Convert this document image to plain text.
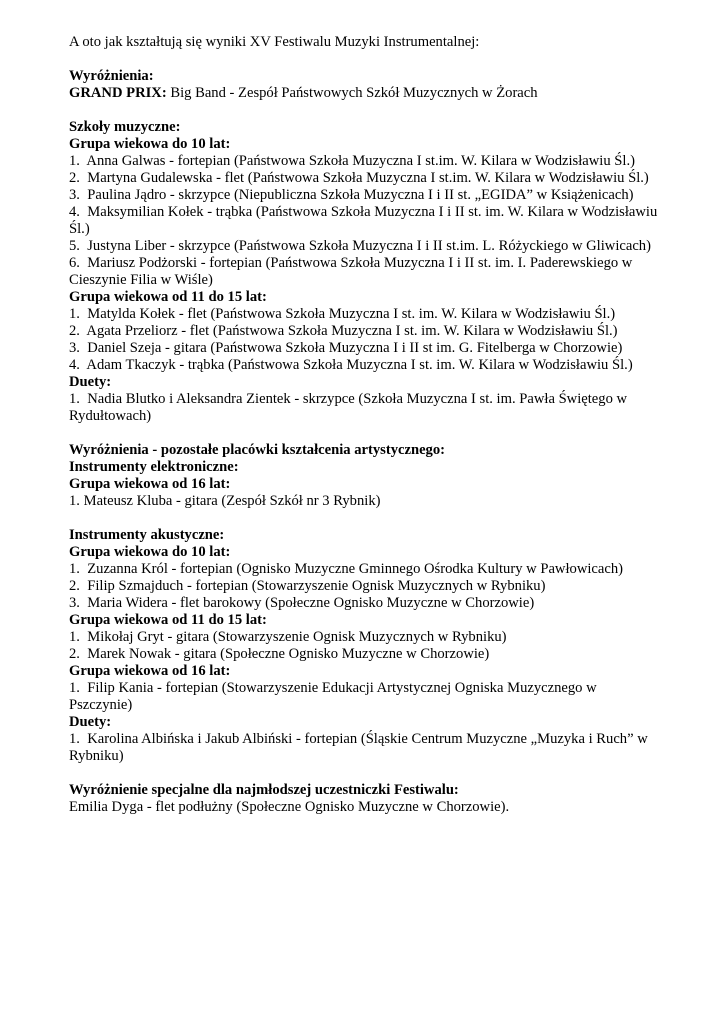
A oto jak kształtują się wyniki XV Festiwalu Muzyki Instrumentalnej:

Wyróżnienia:

GRAND PRIX: Big Band - Zespół Państwowych Szkół Muzycznych w Żorach

Szkoły muzyczne:

Grupa wiekowa do 10 lat:

1.  Anna Galwas - fortepian (Państwowa Szkoła Muzyczna I st.im. W. Kilara w Wodzisławiu Śl.)

2.  Martyna Gudalewska - flet (Państwowa Szkoła Muzyczna I st.im. W. Kilara w Wodzisławiu Śl.)

3.  Paulina Jądro - skrzypce (Niepubliczna Szkoła Muzyczna I i II st. „EGIDA” w Książenicach)

4.  Maksymilian Kołek - trąbka (Państwowa Szkoła Muzyczna I i II st. im. W. Kilara w Wodzisławiu Śl.)

5.  Justyna Liber - skrzypce (Państwowa Szkoła Muzyczna I i II st.im. L. Różyckiego w Gliwicach)

6.  Mariusz Podżorski - fortepian (Państwowa Szkoła Muzyczna I i II st. im. I. Paderewskiego w Cieszynie Filia w Wiśle)

Grupa wiekowa od 11 do 15 lat:

1.  Matylda Kołek - flet (Państwowa Szkoła Muzyczna I st. im. W. Kilara w Wodzisławiu Śl.)

2.  Agata Przeliorz - flet (Państwowa Szkoła Muzyczna I st. im. W. Kilara w Wodzisławiu Śl.)

3.  Daniel Szeja - gitara (Państwowa Szkoła Muzyczna I i II st im. G. Fitelberga w Chorzowie)

4.  Adam Tkaczyk - trąbka (Państwowa Szkoła Muzyczna I st. im. W. Kilara w Wodzisławiu Śl.)

Duety:

1.  Nadia Blutko i Aleksandra Zientek - skrzypce (Szkoła Muzyczna I st. im. Pawła Świętego w Rydułtowach)

Wyróżnienia - pozostałe placówki kształcenia artystycznego:

Instrumenty elektroniczne:

Grupa wiekowa od 16 lat:

1. Mateusz Kluba - gitara (Zespół Szkół nr 3 Rybnik)

Instrumenty akustyczne:

Grupa wiekowa do 10 lat:

1.  Zuzanna Król - fortepian (Ognisko Muzyczne Gminnego Ośrodka Kultury w Pawłowicach)

2.  Filip Szmajduch - fortepian (Stowarzyszenie Ognisk Muzycznych w Rybniku)

3.  Maria Widera - flet barokowy (Społeczne Ognisko Muzyczne w Chorzowie)

Grupa wiekowa od 11 do 15 lat:

1.  Mikołaj Gryt - gitara (Stowarzyszenie Ognisk Muzycznych w Rybniku)

2.  Marek Nowak - gitara (Społeczne Ognisko Muzyczne w Chorzowie)

Grupa wiekowa od 16 lat:

1.  Filip Kania - fortepian (Stowarzyszenie Edukacji Artystycznej Ogniska Muzycznego w Pszczynie)

Duety:

1.  Karolina Albińska i Jakub Albiński - fortepian (Śląskie Centrum Muzyczne „Muzyka i Ruch” w Rybniku)

Wyróżnienie specjalne dla najmłodszej uczestniczki Festiwalu:

Emilia Dyga - flet podłużny (Społeczne Ognisko Muzyczne w Chorzowie).
